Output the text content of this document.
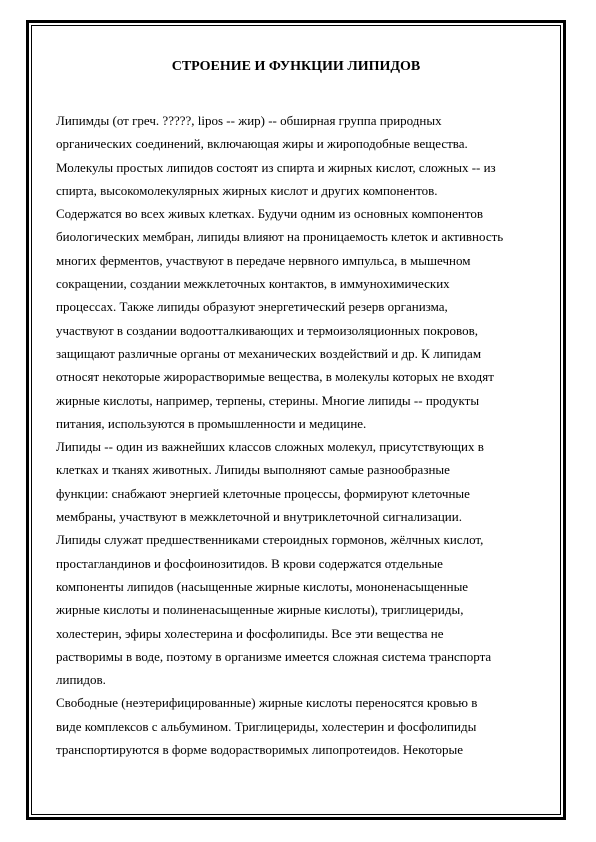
СТРОЕНИЕ И ФУНКЦИИ ЛИПИДОВ
Липимды (от греч. ?????, lipos -- жир) -- обширная группа природных
органических соединений, включающая жиры и жироподобные вещества.
Молекулы простых липидов состоят из спирта и жирных кислот, сложных -- из
спирта, высокомолекулярных жирных кислот и других компонентов.
Содержатся во всех живых клетках. Будучи одним из основных компонентов
биологических мембран, липиды влияют на проницаемость клеток и активность
многих ферментов, участвуют в передаче нервного импульса, в мышечном
сокращении, создании межклеточных контактов, в иммунохимических
процессах. Также липиды образуют энергетический резерв организма,
участвуют в создании водоотталкивающих и термоизоляционных покровов,
защищают различные органы от механических воздействий и др. К липидам
относят некоторые жирорастворимые вещества, в молекулы которых не входят
жирные кислоты, например, терпены, стерины. Многие липиды -- продукты
питания, используются в промышленности и медицине.
Липиды -- один из важнейших классов сложных молекул, присутствующих в
клетках и тканях животных. Липиды выполняют самые разнообразные
функции: снабжают энергией клеточные процессы, формируют клеточные
мембраны, участвуют в межклеточной и внутриклеточной сигнализации.
Липиды служат предшественниками стероидных гормонов, жёлчных кислот,
простагландинов и фосфоинозитидов. В крови содержатся отдельные
компоненты липидов (насыщенные жирные кислоты, мононенасыщенные
жирные кислоты и полиненасыщенные жирные кислоты), триглицериды,
холестерин, эфиры холестерина и фосфолипиды. Все эти вещества не
растворимы в воде, поэтому в организме имеется сложная система транспорта
липидов.
Свободные (неэтерифицированные) жирные кислоты переносятся кровью в
виде комплексов с альбумином. Триглицериды, холестерин и фосфолипиды
транспортируются в форме водорастворимых липопротеидов. Некоторые
